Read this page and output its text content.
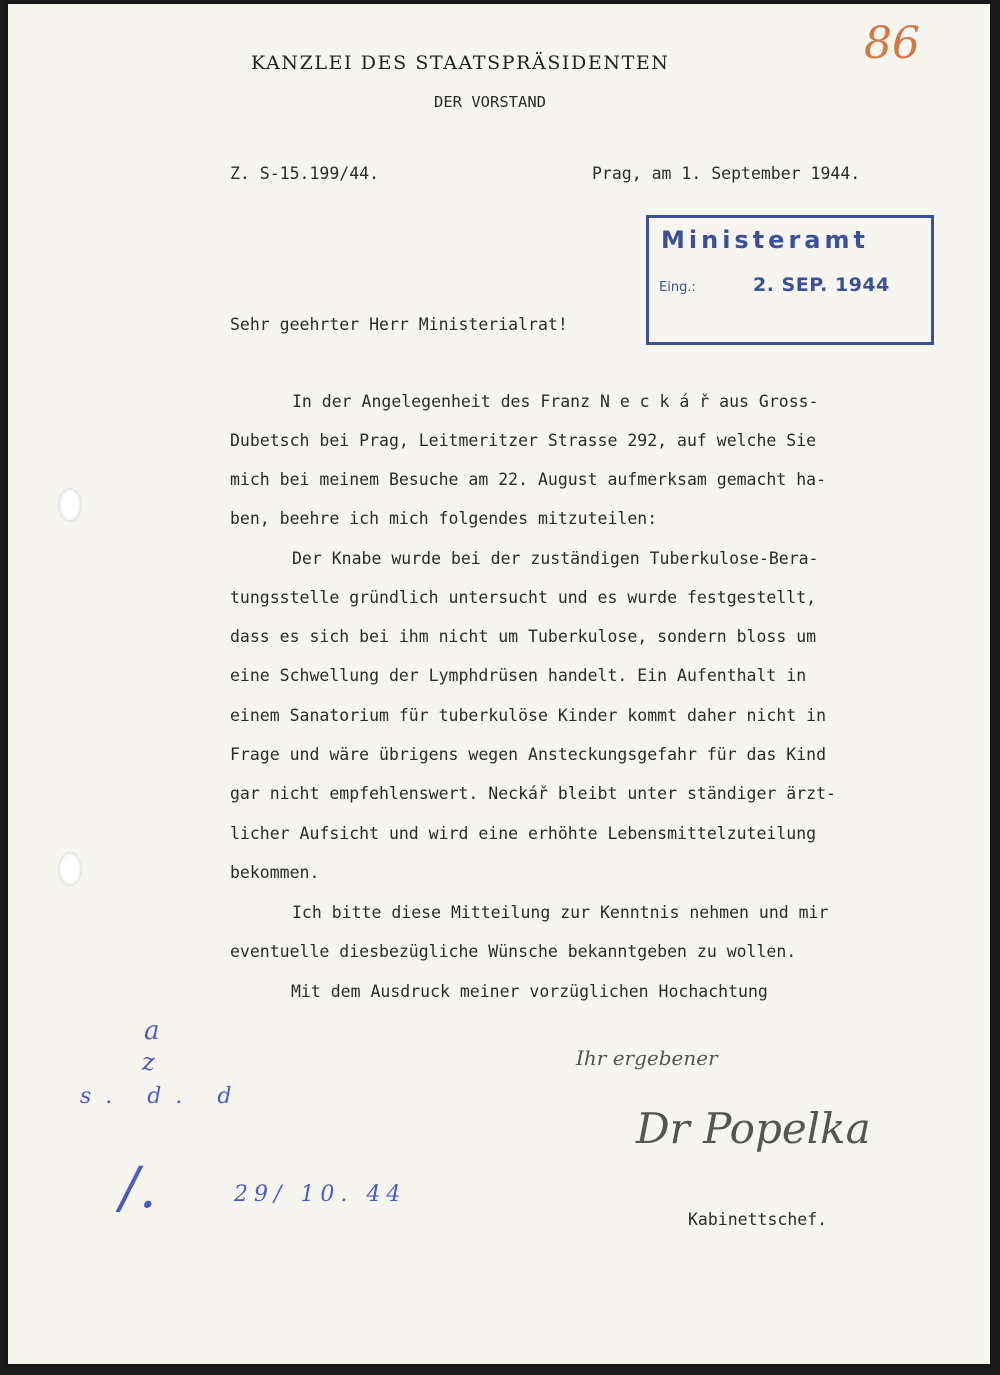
86
KANZLEI DES STAATSPRÄSIDENTEN
DER VORSTAND
Z. S-15.199/44.	Prag, am 1. September 1944.
Ministeramt
Eing.:	2. SEP. 1944
Sehr geehrter Herr Ministerialrat!
In der Angelegenheit des Franz N e c k á ř aus Gross-
Dubetsch bei Prag, Leitmeritzer Strasse 292, auf welche Sie
mich bei meinem Besuche am 22. August aufmerksam gemacht ha-
ben, beehre ich mich folgendes mitzuteilen:
Der Knabe wurde bei der zuständigen Tuberkulose-Bera-
tungsstelle gründlich untersucht und es wurde festgestellt,
dass es sich bei ihm nicht um Tuberkulose, sondern bloss um
eine Schwellung der Lymphdrüsen handelt. Ein Aufenthalt in
einem Sanatorium für tuberkulöse Kinder kommt daher nicht in
Frage und wäre übrigens wegen Ansteckungsgefahr für das Kind
gar nicht empfehlenswert. Neckář bleibt unter ständiger ärzt-
licher Aufsicht und wird eine erhöhte Lebensmittelzuteilung
bekommen.
Ich bitte diese Mitteilung zur Kenntnis nehmen und mir
eventuelle diesbezügliche Wünsche bekanntgeben zu wollen.
Mit dem Ausdruck meiner vorzüglichen Hochachtung
Ihr ergebener
Dr Popelka
Kabinettschef.
a
z
s. d. d
/.	29/ 10. 44
